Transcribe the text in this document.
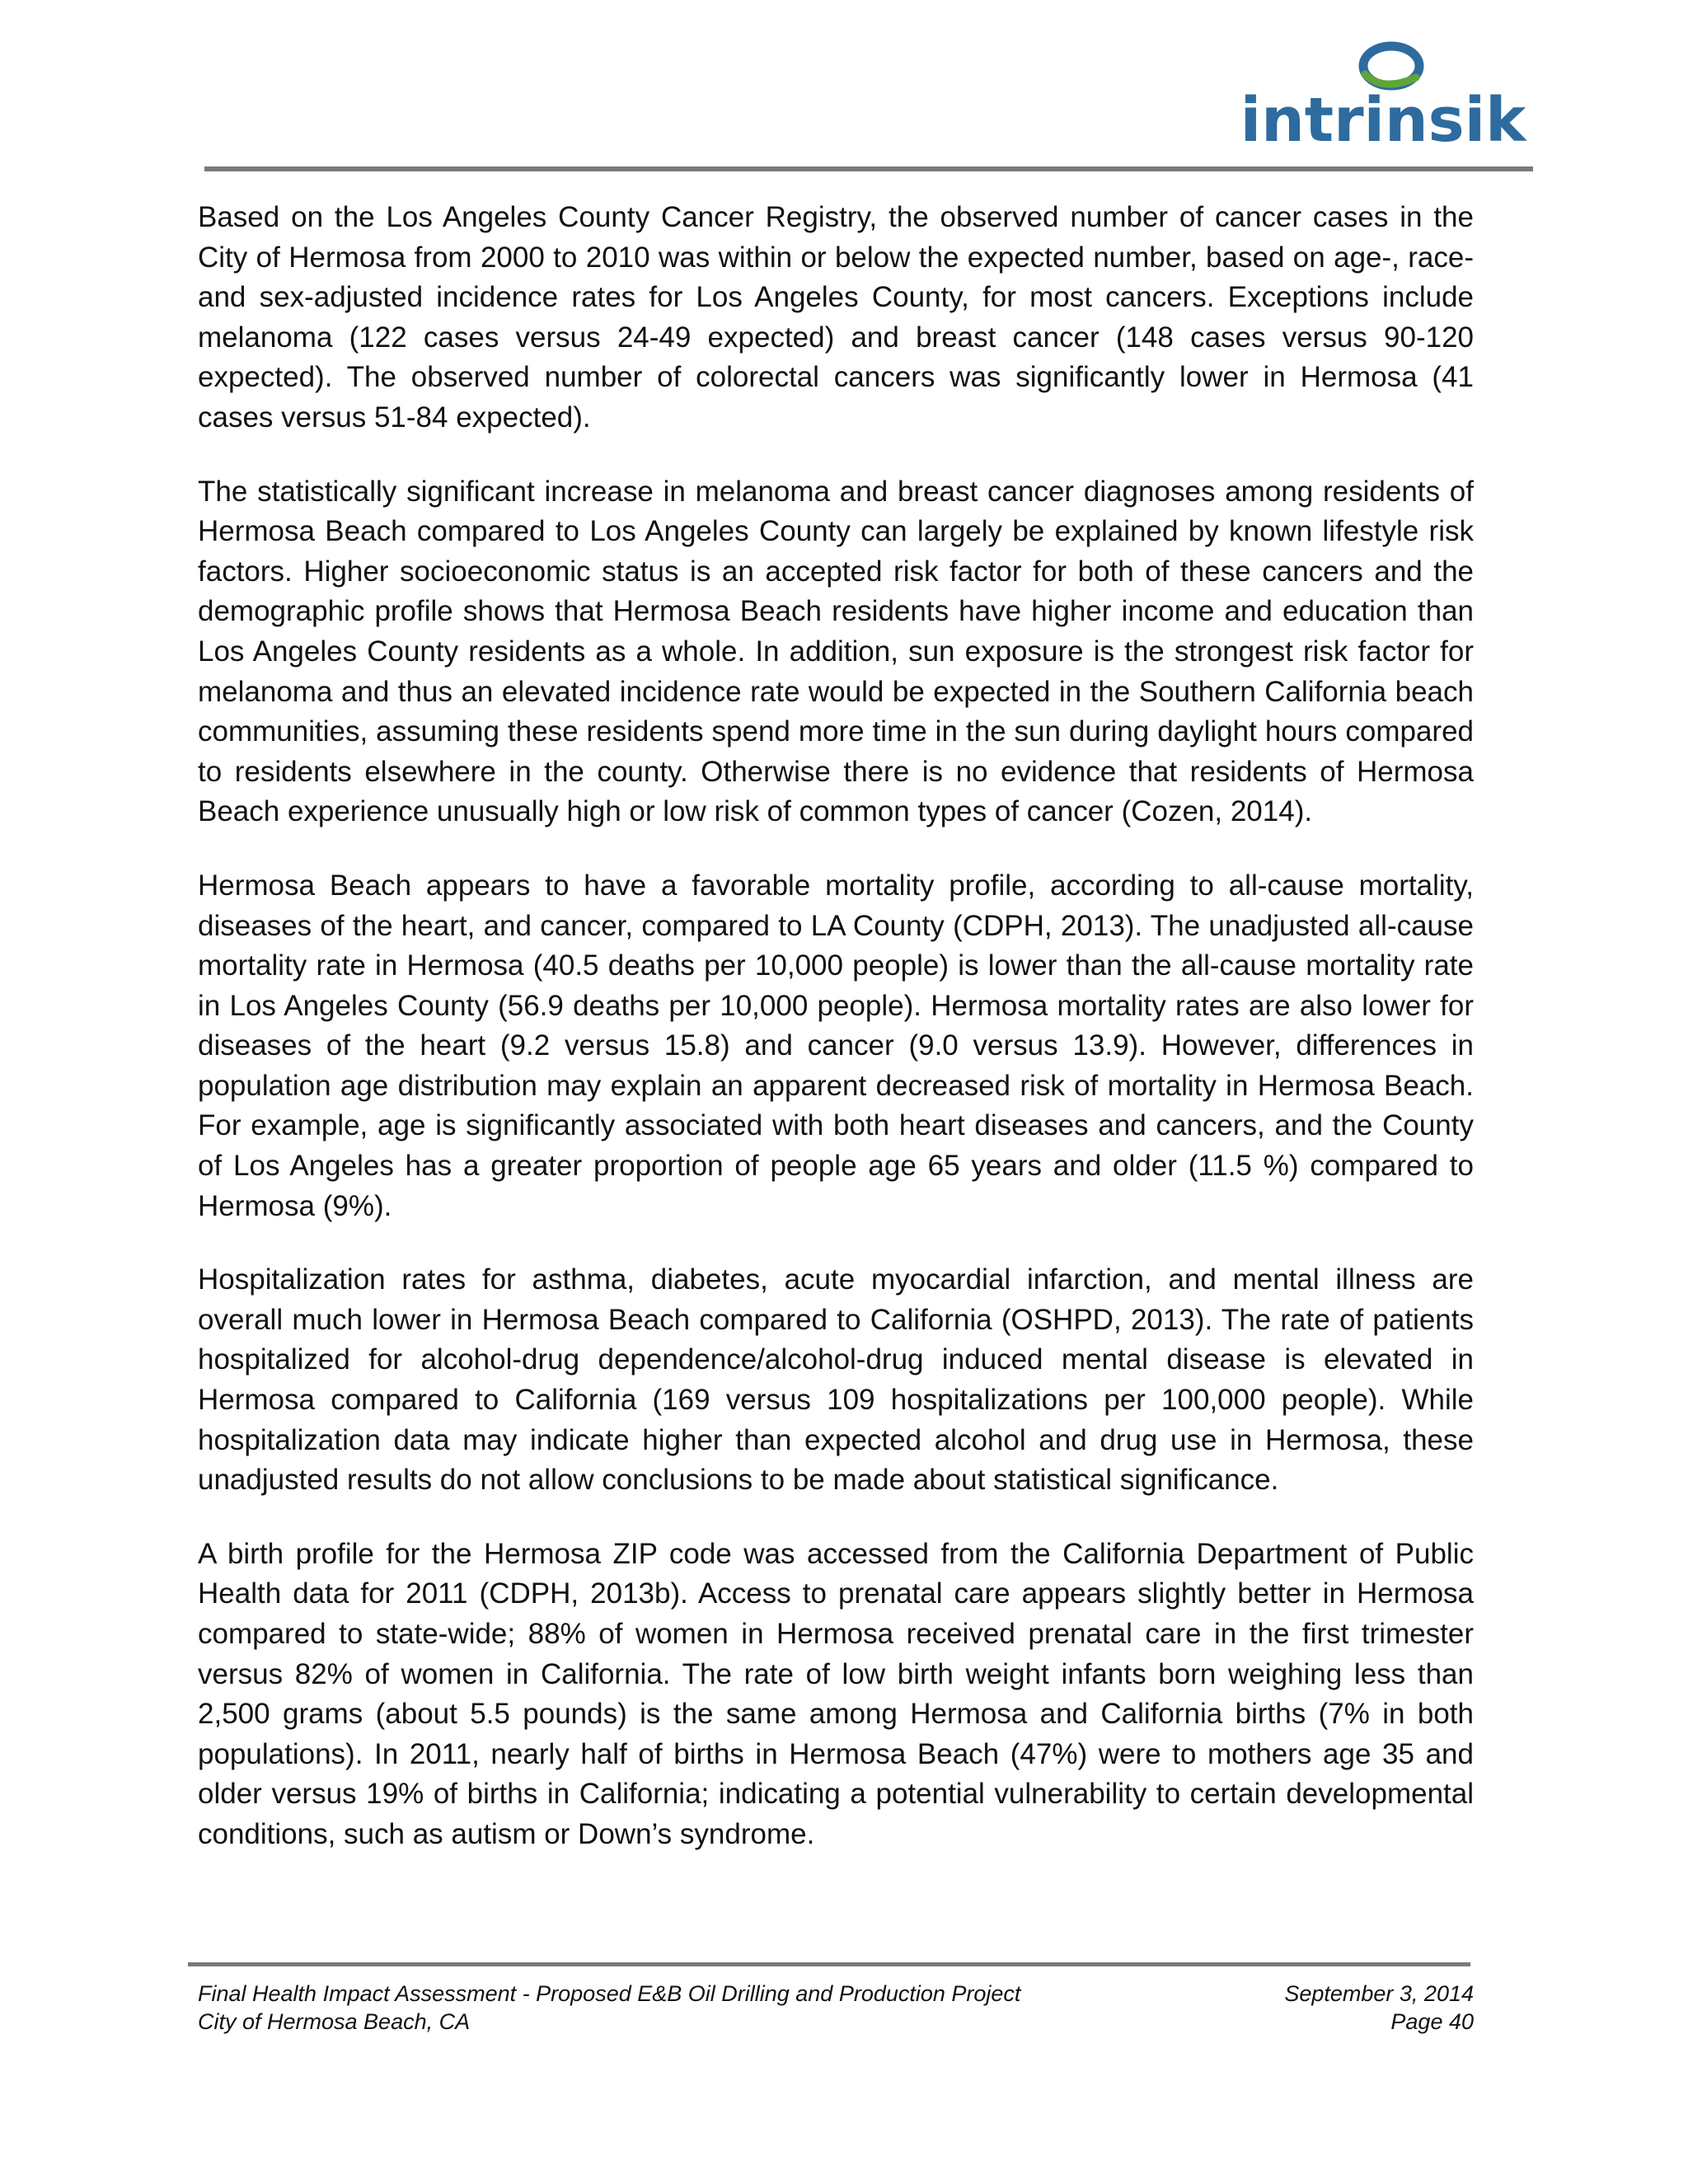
intrinsik

Based on the Los Angeles County Cancer Registry, the observed number of cancer cases in the City of Hermosa from 2000 to 2010 was within or below the expected number, based on age-, race- and sex-adjusted incidence rates for Los Angeles County, for most cancers. Exceptions include melanoma (122 cases versus 24-49 expected) and breast cancer (148 cases versus 90-120 expected). The observed number of colorectal cancers was significantly lower in Hermosa (41 cases versus 51-84 expected).

The statistically significant increase in melanoma and breast cancer diagnoses among residents of Hermosa Beach compared to Los Angeles County can largely be explained by known lifestyle risk factors. Higher socioeconomic status is an accepted risk factor for both of these cancers and the demographic profile shows that Hermosa Beach residents have higher income and education than Los Angeles County residents as a whole. In addition, sun exposure is the strongest risk factor for melanoma and thus an elevated incidence rate would be expected in the Southern California beach communities, assuming these residents spend more time in the sun during daylight hours compared to residents elsewhere in the county. Otherwise there is no evidence that residents of Hermosa Beach experience unusually high or low risk of common types of cancer (Cozen, 2014).

Hermosa Beach appears to have a favorable mortality profile, according to all-cause mortality, diseases of the heart, and cancer, compared to LA County (CDPH, 2013). The unadjusted all-cause mortality rate in Hermosa (40.5 deaths per 10,000 people) is lower than the all-cause mortality rate in Los Angeles County (56.9 deaths per 10,000 people). Hermosa mortality rates are also lower for diseases of the heart (9.2 versus 15.8) and cancer (9.0 versus 13.9). However, differences in population age distribution may explain an apparent decreased risk of mortality in Hermosa Beach. For example, age is significantly associated with both heart diseases and cancers, and the County of Los Angeles has a greater proportion of people age 65 years and older (11.5 %) compared to Hermosa (9%).

Hospitalization rates for asthma, diabetes, acute myocardial infarction, and mental illness are overall much lower in Hermosa Beach compared to California (OSHPD, 2013). The rate of patients hospitalized for alcohol-drug dependence/alcohol-drug induced mental disease is elevated in Hermosa compared to California (169 versus 109 hospitalizations per 100,000 people). While hospitalization data may indicate higher than expected alcohol and drug use in Hermosa, these unadjusted results do not allow conclusions to be made about statistical significance.

A birth profile for the Hermosa ZIP code was accessed from the California Department of Public Health data for 2011 (CDPH, 2013b). Access to prenatal care appears slightly better in Hermosa compared to state-wide; 88% of women in Hermosa received prenatal care in the first trimester versus 82% of women in California. The rate of low birth weight infants born weighing less than 2,500 grams (about 5.5 pounds) is the same among Hermosa and California births (7% in both populations). In 2011, nearly half of births in Hermosa Beach (47%) were to mothers age 35 and older versus 19% of births in California; indicating a potential vulnerability to certain developmental conditions, such as autism or Down’s syndrome.

Final Health Impact Assessment - Proposed E&B Oil Drilling and Production Project	September 3, 2014
City of Hermosa Beach, CA	Page 40
